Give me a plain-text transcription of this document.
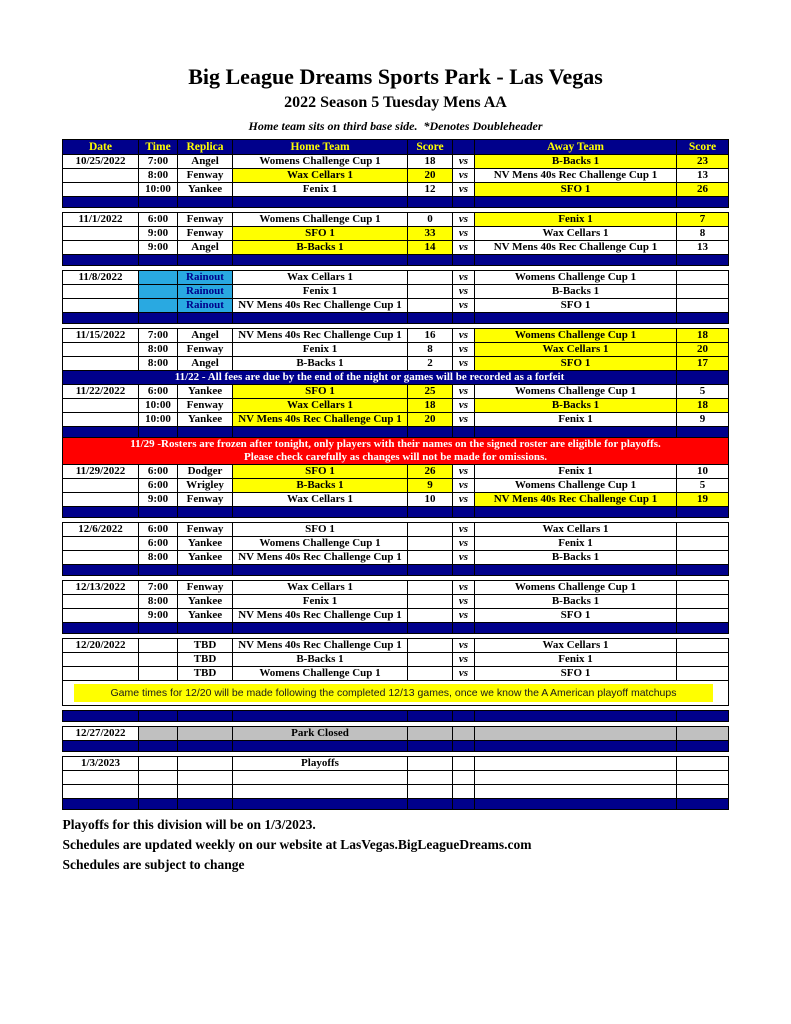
Big League Dreams Sports Park - Las Vegas
2022 Season 5 Tuesday Mens AA
Home team sits on third base side.  *Denotes Doubleheader
Date	Time	Replica	Home Team	Score		Away Team	Score
10/25/2022	7:00	Angel	Womens Challenge Cup 1	18	vs	B-Backs 1	23
	8:00	Fenway	Wax Cellars 1	20	vs	NV Mens 40s Rec Challenge Cup 1	13
	10:00	Yankee	Fenix 1	12	vs	SFO 1	26

11/1/2022	6:00	Fenway	Womens Challenge Cup 1	0	vs	Fenix 1	7
	9:00	Fenway	SFO 1	33	vs	Wax Cellars 1	8
	9:00	Angel	B-Backs 1	14	vs	NV Mens 40s Rec Challenge Cup 1	13

11/8/2022		Rainout	Wax Cellars 1		vs	Womens Challenge Cup 1	
		Rainout	Fenix 1		vs	B-Backs 1	
		Rainout	NV Mens 40s Rec Challenge Cup 1		vs	SFO 1	

11/15/2022	7:00	Angel	NV Mens 40s Rec Challenge Cup 1	16	vs	Womens Challenge Cup 1	18
	8:00	Fenway	Fenix 1	8	vs	Wax Cellars 1	20
	8:00	Angel	B-Backs 1	2	vs	SFO 1	17
11/22 - All fees are due by the end of the night or games will be recorded as a forfeit							
11/22/2022	6:00	Yankee	SFO 1	25	vs	Womens Challenge Cup 1	5
	10:00	Fenway	Wax Cellars 1	18	vs	B-Backs 1	18
	10:00	Yankee	NV Mens 40s Rec Challenge Cup 1	20	vs	Fenix 1	9

11/29 -Rosters are frozen after tonight, only players with their names on the signed roster are eligible for playoffs.
Please check carefully as changes will not be made for omissions.							

11/29/2022	6:00	Dodger	SFO 1	26	vs	Fenix 1	10
	6:00	Wrigley	B-Backs 1	9	vs	Womens Challenge Cup 1	5
	9:00	Fenway	Wax Cellars 1	10	vs	NV Mens 40s Rec Challenge Cup 1	19

12/6/2022	6:00	Fenway	SFO 1		vs	Wax Cellars 1	
	6:00	Yankee	Womens Challenge Cup 1		vs	Fenix 1	
	8:00	Yankee	NV Mens 40s Rec Challenge Cup 1		vs	B-Backs 1	

12/13/2022	7:00	Fenway	Wax Cellars 1		vs	Womens Challenge Cup 1	
	8:00	Yankee	Fenix 1		vs	B-Backs 1	
	9:00	Yankee	NV Mens 40s Rec Challenge Cup 1		vs	SFO 1	

12/20/2022		TBD	NV Mens 40s Rec Challenge Cup 1		vs	Wax Cellars 1	
		TBD	B-Backs 1		vs	Fenix 1	
		TBD	Womens Challenge Cup 1		vs	SFO 1	

Game times for 12/20 will be made following the completed 12/13 games, once we know the A American playoff matchups							

12/27/2022			Park Closed				

1/3/2023			Playoffs				

Playoffs for this division will be on 1/3/2023.
Schedules are updated weekly on our website at LasVegas.BigLeagueDreams.com
Schedules are subject to change
